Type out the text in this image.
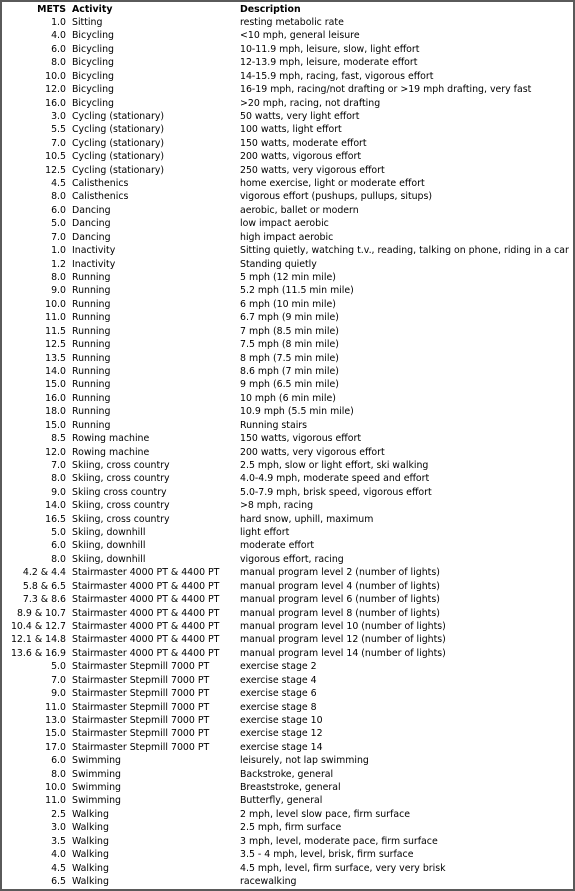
METS	Activity	Description
1.0	Sitting	resting metabolic rate
4.0	Bicycling	<10 mph, general leisure
6.0	Bicycling	10-11.9 mph, leisure, slow, light effort
8.0	Bicycling	12-13.9 mph, leisure, moderate effort
10.0	Bicycling	14-15.9 mph, racing, fast, vigorous effort
12.0	Bicycling	16-19 mph, racing/not drafting or >19 mph drafting, very fast
16.0	Bicycling	>20 mph, racing, not drafting
3.0	Cycling (stationary)	50 watts, very light effort
5.5	Cycling (stationary)	100 watts, light effort
7.0	Cycling (stationary)	150 watts, moderate effort
10.5	Cycling (stationary)	200 watts, vigorous effort
12.5	Cycling (stationary)	250 watts, very vigorous effort
4.5	Calisthenics	home exercise, light or moderate effort
8.0	Calisthenics	vigorous effort (pushups, pullups, situps)
6.0	Dancing	aerobic, ballet or modern
5.0	Dancing	low impact aerobic
7.0	Dancing	high impact aerobic
1.0	Inactivity	Sitting quietly, watching t.v., reading, talking on phone, riding in a car
1.2	Inactivity	Standing quietly
8.0	Running	5 mph (12 min mile)
9.0	Running	5.2 mph (11.5 min mile)
10.0	Running	6 mph (10 min mile)
11.0	Running	6.7 mph (9 min mile)
11.5	Running	7 mph (8.5 min mile)
12.5	Running	7.5 mph (8 min mile)
13.5	Running	8 mph (7.5 min mile)
14.0	Running	8.6 mph (7 min mile)
15.0	Running	9 mph (6.5 min mile)
16.0	Running	10 mph (6 min mile)
18.0	Running	10.9 mph (5.5 min mile)
15.0	Running	Running stairs
8.5	Rowing machine	150 watts, vigorous effort
12.0	Rowing machine	200 watts, very vigorous effort
7.0	Skiing, cross country	2.5 mph, slow or light effort, ski walking
8.0	Skiing, cross country	4.0-4.9 mph, moderate speed and effort
9.0	Skiing cross country	5.0-7.9 mph, brisk speed, vigorous effort
14.0	Skiing, cross country	>8 mph, racing
16.5	Skiing, cross country	hard snow, uphill, maximum
5.0	Skiing, downhill	light effort
6.0	Skiing, downhill	moderate effort
8.0	Skiing, downhill	vigorous effort, racing
4.2 & 4.4	Stairmaster 4000 PT & 4400 PT	manual program level 2 (number of lights)
5.8 & 6.5	Stairmaster 4000 PT & 4400 PT	manual program level 4 (number of lights)
7.3 & 8.6	Stairmaster 4000 PT & 4400 PT	manual program level 6 (number of lights)
8.9 & 10.7	Stairmaster 4000 PT & 4400 PT	manual program level 8 (number of lights)
10.4 & 12.7	Stairmaster 4000 PT & 4400 PT	manual program level 10 (number of lights)
12.1 & 14.8	Stairmaster 4000 PT & 4400 PT	manual program level 12 (number of lights)
13.6 & 16.9	Stairmaster 4000 PT & 4400 PT	manual program level 14 (number of lights)
5.0	Stairmaster Stepmill 7000 PT	exercise stage 2
7.0	Stairmaster Stepmill 7000 PT	exercise stage 4
9.0	Stairmaster Stepmill 7000 PT	exercise stage 6
11.0	Stairmaster Stepmill 7000 PT	exercise stage 8
13.0	Stairmaster Stepmill 7000 PT	exercise stage 10
15.0	Stairmaster Stepmill 7000 PT	exercise stage 12
17.0	Stairmaster Stepmill 7000 PT	exercise stage 14
6.0	Swimming	leisurely, not lap swimming
8.0	Swimming	Backstroke, general
10.0	Swimming	Breaststroke, general
11.0	Swimming	Butterfly, general
2.5	Walking	2 mph, level slow pace, firm surface
3.0	Walking	2.5 mph, firm surface
3.5	Walking	3 mph, level, moderate pace, firm surface
4.0	Walking	3.5 - 4 mph, level, brisk, firm surface
4.5	Walking	4.5 mph, level, firm surface, very very brisk
6.5	Walking	racewalking
